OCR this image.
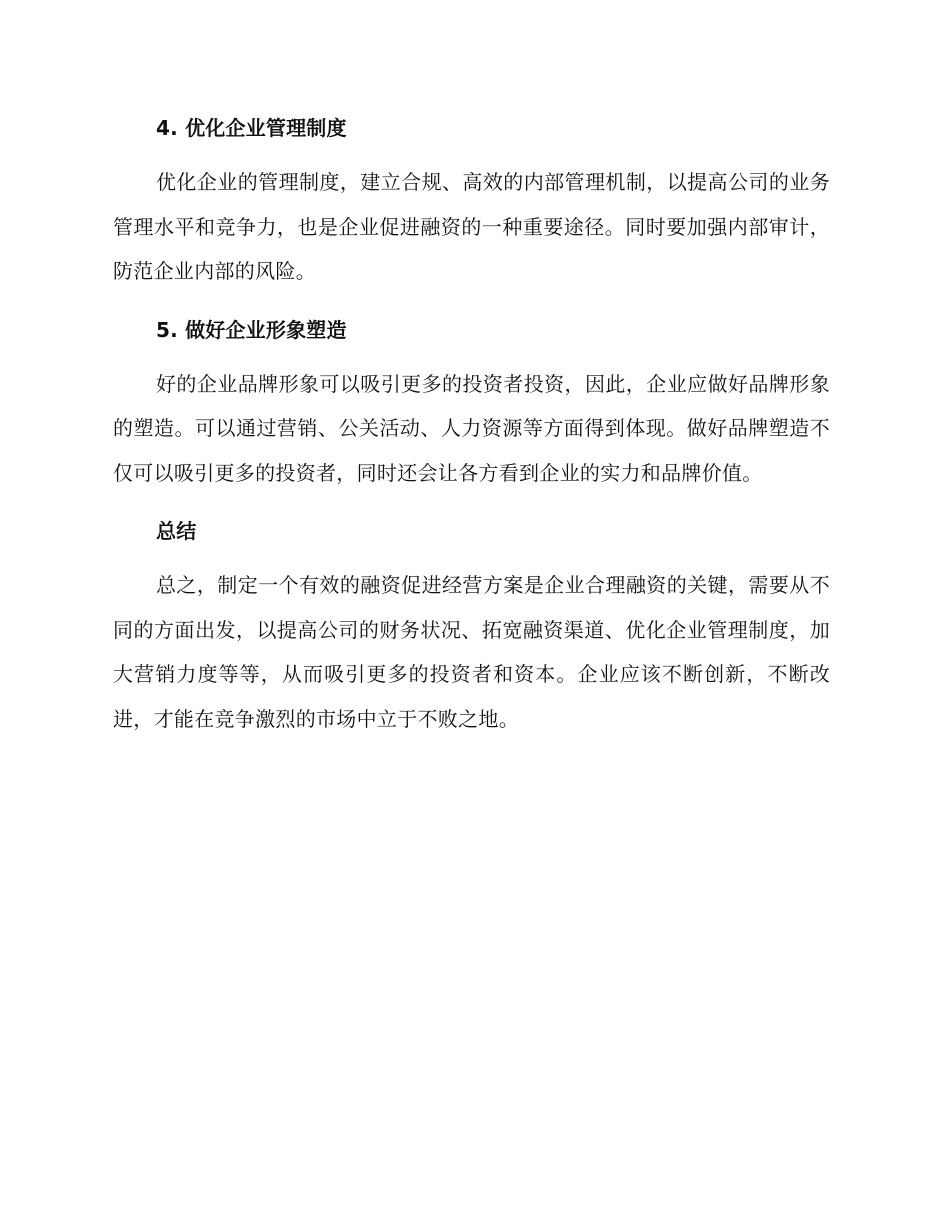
4. 优化企业管理制度

优化企业的管理制度，建立合规、高效的内部管理机制，以提高公司的业务管理水平和竞争力，也是企业促进融资的一种重要途径。同时要加强内部审计，防范企业内部的风险。

5. 做好企业形象塑造

好的企业品牌形象可以吸引更多的投资者投资，因此，企业应做好品牌形象的塑造。可以通过营销、公关活动、人力资源等方面得到体现。做好品牌塑造不仅可以吸引更多的投资者，同时还会让各方看到企业的实力和品牌价值。

总结

总之，制定一个有效的融资促进经营方案是企业合理融资的关键，需要从不同的方面出发，以提高公司的财务状况、拓宽融资渠道、优化企业管理制度，加大营销力度等等，从而吸引更多的投资者和资本。企业应该不断创新，不断改进，才能在竞争激烈的市场中立于不败之地。
